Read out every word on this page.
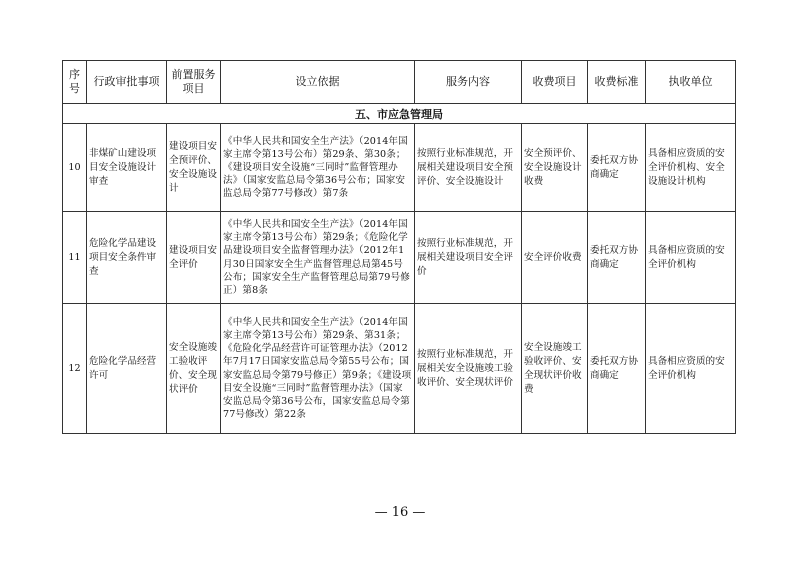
序号	行政审批事项	前置服务项目	设立依据	服务内容	收费项目	收费标准	执收单位
五、市应急管理局							
10	非煤矿山建设项目安全设施设计审查	建设项目安全预评价、安全设施设计	《中华人民共和国安全生产法》（2014年国家主席令第13号公布）第29条、第30条；《建设项目安全设施“三同时”监督管理办法》（国家安监总局令第36号公布；国家安监总局令第77号修改）第7条	按照行业标准规范，开展相关建设项目安全预评价、安全设施设计	安全预评价、安全设施设计收费	委托双方协商确定	具备相应资质的安全评价机构、安全设施设计机构
11	危险化学品建设项目安全条件审查	建设项目安全评价	《中华人民共和国安全生产法》（2014年国家主席令第13号公布）第29条；《危险化学品建设项目安全监督管理办法》（2012年1月30日国家安全生产监督管理总局第45号公布；国家安全生产监督管理总局第79号修正）第8条	按照行业标准规范，开展相关建设项目安全评价	安全评价收费	委托双方协商确定	具备相应资质的安全评价机构
12	危险化学品经营许可	安全设施竣工验收评价、安全现状评价	《中华人民共和国安全生产法》（2014年国家主席令第13号公布）第29条、第31条；《危险化学品经营许可证管理办法》（2012年7月17日国家安监总局令第55号公布；国家安监总局令第79号修正）第9条；《建设项目安全设施“三同时”监督管理办法》（国家安监总局令第36号公布，国家安监总局令第77号修改）第22条	按照行业标准规范，开展相关安全设施竣工验收评价、安全现状评价	安全设施竣工验收评价、安全现状评价收费	委托双方协商确定	具备相应资质的安全评价机构
— 16 —
